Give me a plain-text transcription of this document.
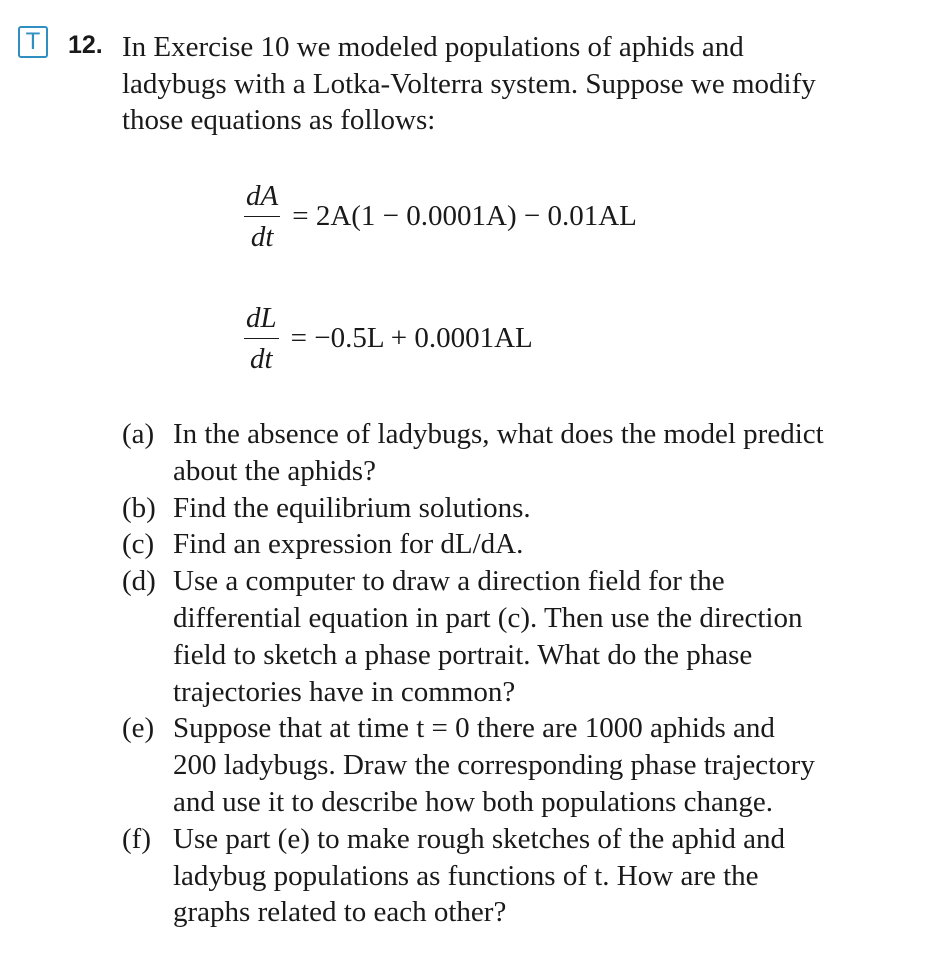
T	12. In Exercise 10 we modeled populations of aphids and
ladybugs with a Lotka-Volterra system. Suppose we modify
those equations as follows:
$\frac{dA}{dt} = 2A(1 - 0.0001A) - 0.01AL$
$\frac{dL}{dt} = -0.5L + 0.0001AL$
(a) In the absence of ladybugs, what does the model predict
about the aphids?
(b) Find the equilibrium solutions.
(c) Find an expression for dL/dA.
(d) Use a computer to draw a direction field for the
differential equation in part (c). Then use the direction
field to sketch a phase portrait. What do the phase
trajectories have in common?
(e) Suppose that at time t = 0 there are 1000 aphids and
200 ladybugs. Draw the corresponding phase trajectory
and use it to describe how both populations change.
(f) Use part (e) to make rough sketches of the aphid and
ladybug populations as functions of t. How are the
graphs related to each other?
